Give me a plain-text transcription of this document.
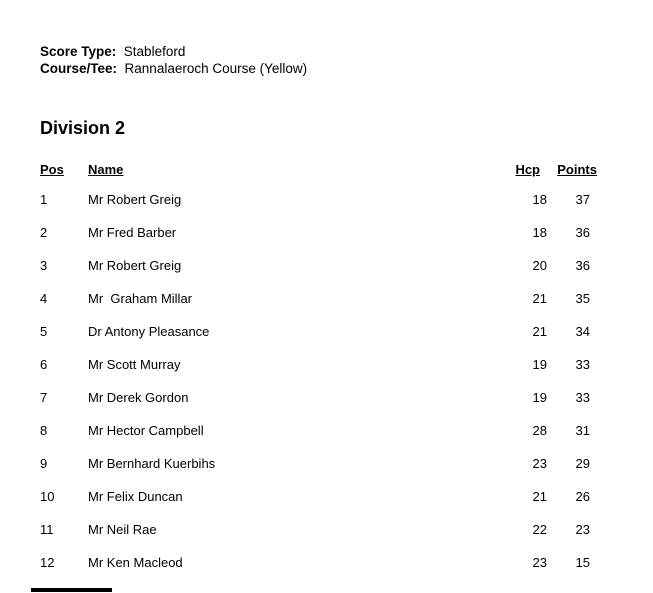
Score Type: Stableford
Course/Tee: Rannalaeroch Course (Yellow)
Division 2
Pos	Name	Hcp	Points
1	Mr Robert Greig	18	37
2	Mr Fred Barber	18	36
3	Mr Robert Greig	20	36
4	Mr  Graham Millar	21	35
5	Dr Antony Pleasance	21	34
6	Mr Scott Murray	19	33
7	Mr Derek Gordon	19	33
8	Mr Hector Campbell	28	31
9	Mr Bernhard Kuerbihs	23	29
10	Mr Felix Duncan	21	26
11	Mr Neil Rae	22	23
12	Mr Ken Macleod	23	15
